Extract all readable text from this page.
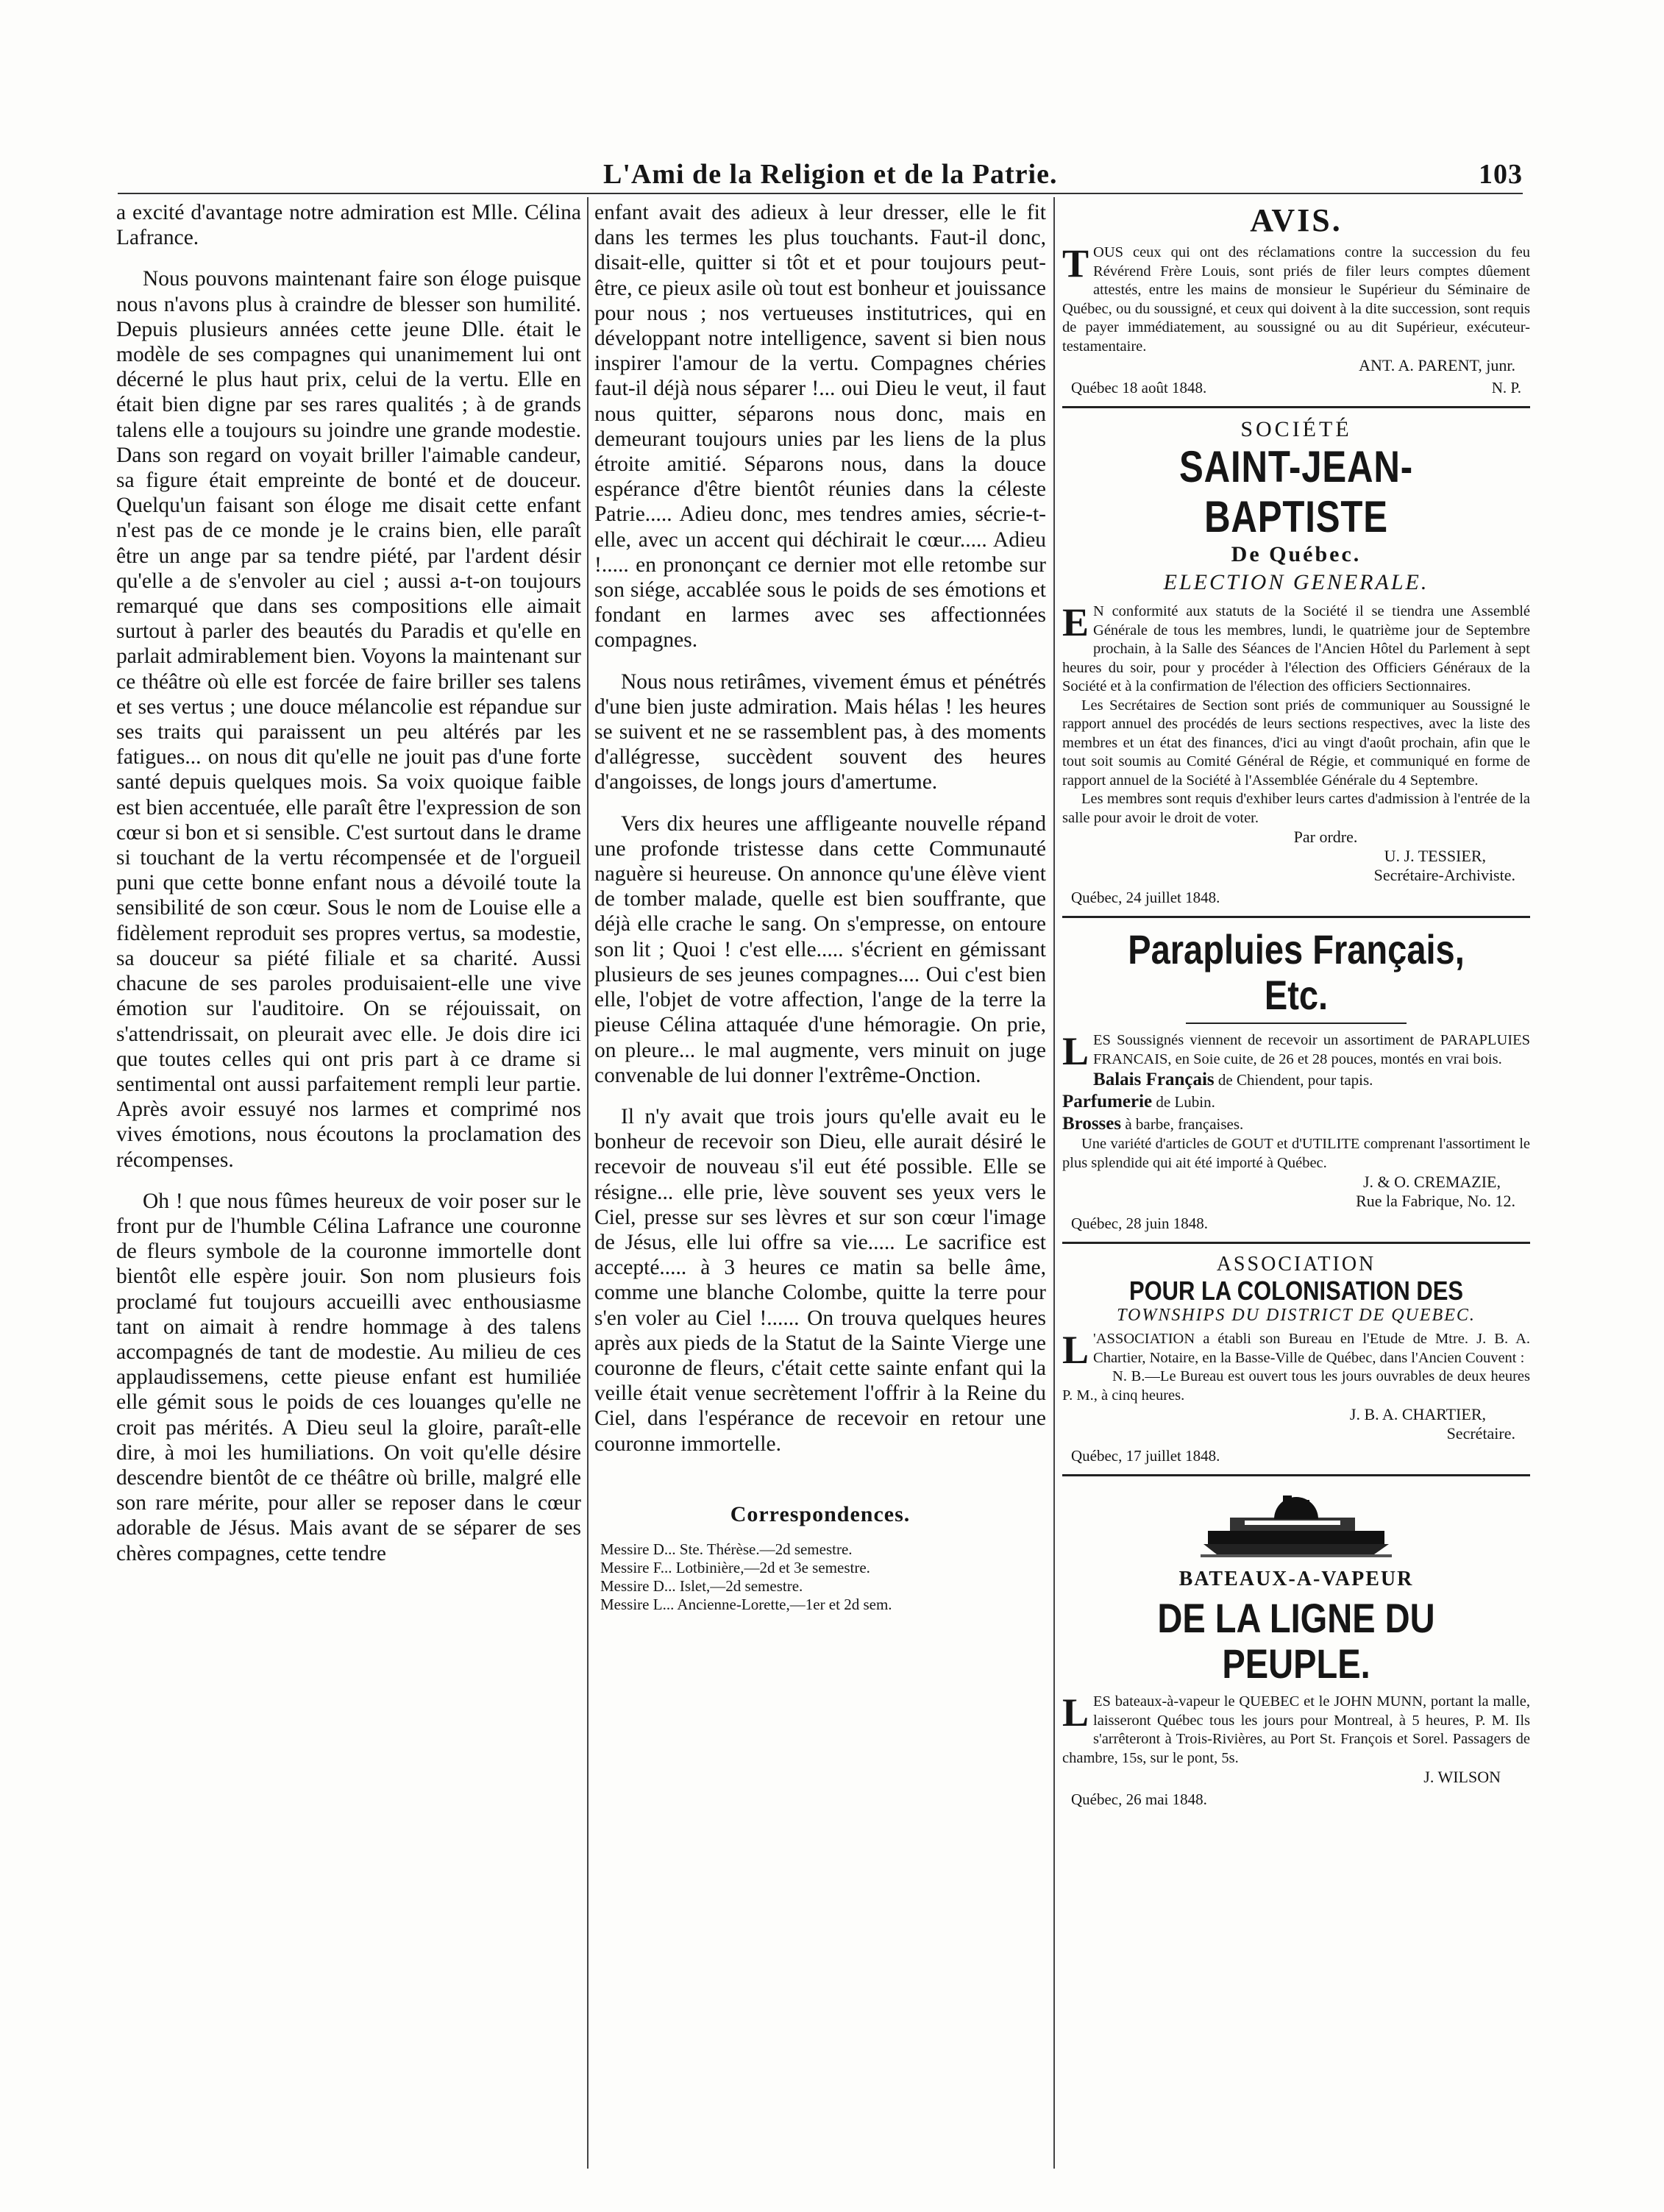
L'Ami de la Religion et de la Patrie.	103

a excité d'avantage notre admiration est Mlle. Célina Lafrance.

Nous pouvons maintenant faire son éloge puisque nous n'avons plus à craindre de blesser son humilité. Depuis plusieurs années cette jeune Dlle. était le modèle de ses compagnes qui unanimement lui ont décerné le plus haut prix, celui de la vertu. Elle en était bien digne par ses rares qualités ; à de grands talens elle a toujours su joindre une grande modestie. Dans son regard on voyait briller l'aimable candeur, sa figure était empreinte de bonté et de douceur. Quelqu'un faisant son éloge me disait cette enfant n'est pas de ce monde je le crains bien, elle paraît être un ange par sa tendre piété, par l'ardent désir qu'elle a de s'envoler au ciel ; aussi a-t-on toujours remarqué que dans ses compositions elle aimait surtout à parler des beautés du Paradis et qu'elle en parlait admirablement bien. Voyons la maintenant sur ce théâtre où elle est forcée de faire briller ses talens et ses vertus ; une douce mélancolie est répandue sur ses traits qui paraissent un peu altérés par les fatigues... on nous dit qu'elle ne jouit pas d'une forte santé depuis quelques mois. Sa voix quoique faible est bien accentuée, elle paraît être l'expression de son cœur si bon et si sensible. C'est surtout dans le drame si touchant de la vertu récompensée et de l'orgueil puni que cette bonne enfant nous a dévoilé toute la sensibilité de son cœur. Sous le nom de Louise elle a fidèlement reproduit ses propres vertus, sa modestie, sa douceur sa piété filiale et sa charité. Aussi chacune de ses paroles produisaient-elle une vive émotion sur l'auditoire. On se réjouissait, on s'attendrissait, on pleurait avec elle. Je dois dire ici que toutes celles qui ont pris part à ce drame si sentimental ont aussi parfaitement rempli leur partie. Après avoir essuyé nos larmes et comprimé nos vives émotions, nous écoutons la proclamation des récompenses.

Oh ! que nous fûmes heureux de voir poser sur le front pur de l'humble Célina Lafrance une couronne de fleurs symbole de la couronne immortelle dont bientôt elle espère jouir. Son nom plusieurs fois proclamé fut toujours accueilli avec enthousiasme tant on aimait à rendre hommage à des talens accompagnés de tant de modestie. Au milieu de ces applaudissemens, cette pieuse enfant est humiliée elle gémit sous le poids de ces louanges qu'elle ne croit pas mérités. A Dieu seul la gloire, paraît-elle dire, à moi les humiliations. On voit qu'elle désire descendre bientôt de ce théâtre où brille, malgré elle son rare mérite, pour aller se reposer dans le cœur adorable de Jésus. Mais avant de se séparer de ses chères compagnes, cette tendre

enfant avait des adieux à leur dresser, elle le fit dans les termes les plus touchants. Faut-il donc, disait-elle, quitter si tôt et et pour toujours peut-être, ce pieux asile où tout est bonheur et jouissance pour nous ; nos vertueuses institutrices, qui en développant notre intelligence, savent si bien nous inspirer l'amour de la vertu. Compagnes chéries faut-il déjà nous séparer !... oui Dieu le veut, il faut nous quitter, séparons nous donc, mais en demeurant toujours unies par les liens de la plus étroite amitié. Séparons nous, dans la douce espérance d'être bientôt réunies dans la céleste Patrie..... Adieu donc, mes tendres amies, sécrie-t-elle, avec un accent qui déchirait le cœur..... Adieu !..... en prononçant ce dernier mot elle retombe sur son siége, accablée sous le poids de ses émotions et fondant en larmes avec ses affectionnées compagnes.

Nous nous retirâmes, vivement émus et pénétrés d'une bien juste admiration. Mais hélas ! les heures se suivent et ne se rassemblent pas, à des moments d'allégresse, succèdent souvent des heures d'angoisses, de longs jours d'amertume.

Vers dix heures une affligeante nouvelle répand une profonde tristesse dans cette Communauté naguère si heureuse. On annonce qu'une élève vient de tomber malade, quelle est bien souffrante, que déjà elle crache le sang. On s'empresse, on entoure son lit ; Quoi ! c'est elle..... s'écrient en gémissant plusieurs de ses jeunes compagnes.... Oui c'est bien elle, l'objet de votre affection, l'ange de la terre la pieuse Célina attaquée d'une hémoragie. On prie, on pleure... le mal augmente, vers minuit on juge convenable de lui donner l'extrême-Onction.

Il n'y avait que trois jours qu'elle avait eu le bonheur de recevoir son Dieu, elle aurait désiré le recevoir de nouveau s'il eut été possible. Elle se résigne... elle prie, lève souvent ses yeux vers le Ciel, presse sur ses lèvres et sur son cœur l'image de Jésus, elle lui offre sa vie..... Le sacrifice est accepté..... à 3 heures ce matin sa belle âme, comme une blanche Colombe, quitte la terre pour s'en voler au Ciel !...... On trouva quelques heures après aux pieds de la Statut de la Sainte Vierge une couronne de fleurs, c'était cette sainte enfant qui la veille était venue secrètement l'offrir à la Reine du Ciel, dans l'espérance de recevoir en retour une couronne immortelle.

Correspondences.
Messire D... Ste. Thérèse.—2d semestre.
Messire F... Lotbinière,—2d et 3e semestre.
Messire D... Islet,—2d semestre.
Messire L... Ancienne-Lorette,—1er et 2d sem.
AVIS.

TOUS ceux qui ont des réclamations contre la succession du feu Révérend Frère Louis, sont priés de filer leurs comptes dûement attestés, entre les mains de monsieur le Supérieur du Séminaire de Québec, ou du soussigné, et ceux qui doivent à la dite succession, sont requis de payer immédiatement, au soussigné ou au dit Supérieur, exécuteur-testamentaire.

ANT. A. PARENT, junr.
Québec 18 août 1848.	N. P.
SOCIÉTÉ
SAINT-JEAN-BAPTISTE
De Québec.
ELECTION GENERALE.

E N conformité aux statuts de la Société il se tiendra une Assemblé Générale de tous les membres, lundi, le quatrième jour de Septembre prochain, à la Salle des Séances de l'Ancien Hôtel du Parlement à sept heures du soir, pour y procéder à l'élection des Officiers Généraux de la Société et à la confirmation de l'élection des officiers Sectionnaires.

Les Secrétaires de Section sont priés de communiquer au Soussigné le rapport annuel des procédés de leurs sections respectives, avec la liste des membres et un état des finances, d'ici au vingt d'août prochain, afin que le tout soit soumis au Comité Général de Régie, et communiqué en forme de rapport annuel de la Société à l'Assemblée Générale du 4 Septembre.

Les membres sont requis d'exhiber leurs cartes d'admission à l'entrée de la salle pour avoir le droit de voter.

Par ordre.
U. J. TESSIER,
Secrétaire-Archiviste.
Québec, 24 juillet 1848.
Parapluies Français, Etc.

LES Soussignés viennent de recevoir un assortiment de PARAPLUIES FRANCAIS, en Soie cuite, de 26 et 28 pouces, montés en vrai bois.

Balais Français de Chiendent, pour tapis.

Parfumerie de Lubin.

Brosses à barbe, françaises.

Une variété d'articles de GOUT et d'UTILITE comprenant l'assortiment le plus splendide qui ait été importé à Québec.

J. & O. CREMAZIE,
Rue la Fabrique, No. 12.
Québec, 28 juin 1848.
ASSOCIATION
POUR LA COLONISATION DES
TOWNSHIPS DU DISTRICT DE QUEBEC.

L 'ASSOCIATION a établi son Bureau en l'Etude de Mtre. J. B. A. Chartier, Notaire, en la Basse-Ville de Québec, dans l'Ancien Couvent :

N. B.—Le Bureau est ouvert tous les jours ouvrables de deux heures P. M., à cinq heures.

J. B. A. CHARTIER,
Secrétaire.
Québec, 17 juillet 1848.
BATEAUX-A-VAPEUR
DE LA LIGNE DU PEUPLE.

LES bateaux-à-vapeur le QUEBEC et le JOHN MUNN, portant la malle, laisseront Québec tous les jours pour Montreal, à 5 heures, P. M. Ils s'arrêteront à Trois-Rivières, au Port St. François et Sorel. Passagers de chambre, 15s, sur le pont, 5s.

J. WILSON
Québec, 26 mai 1848.
